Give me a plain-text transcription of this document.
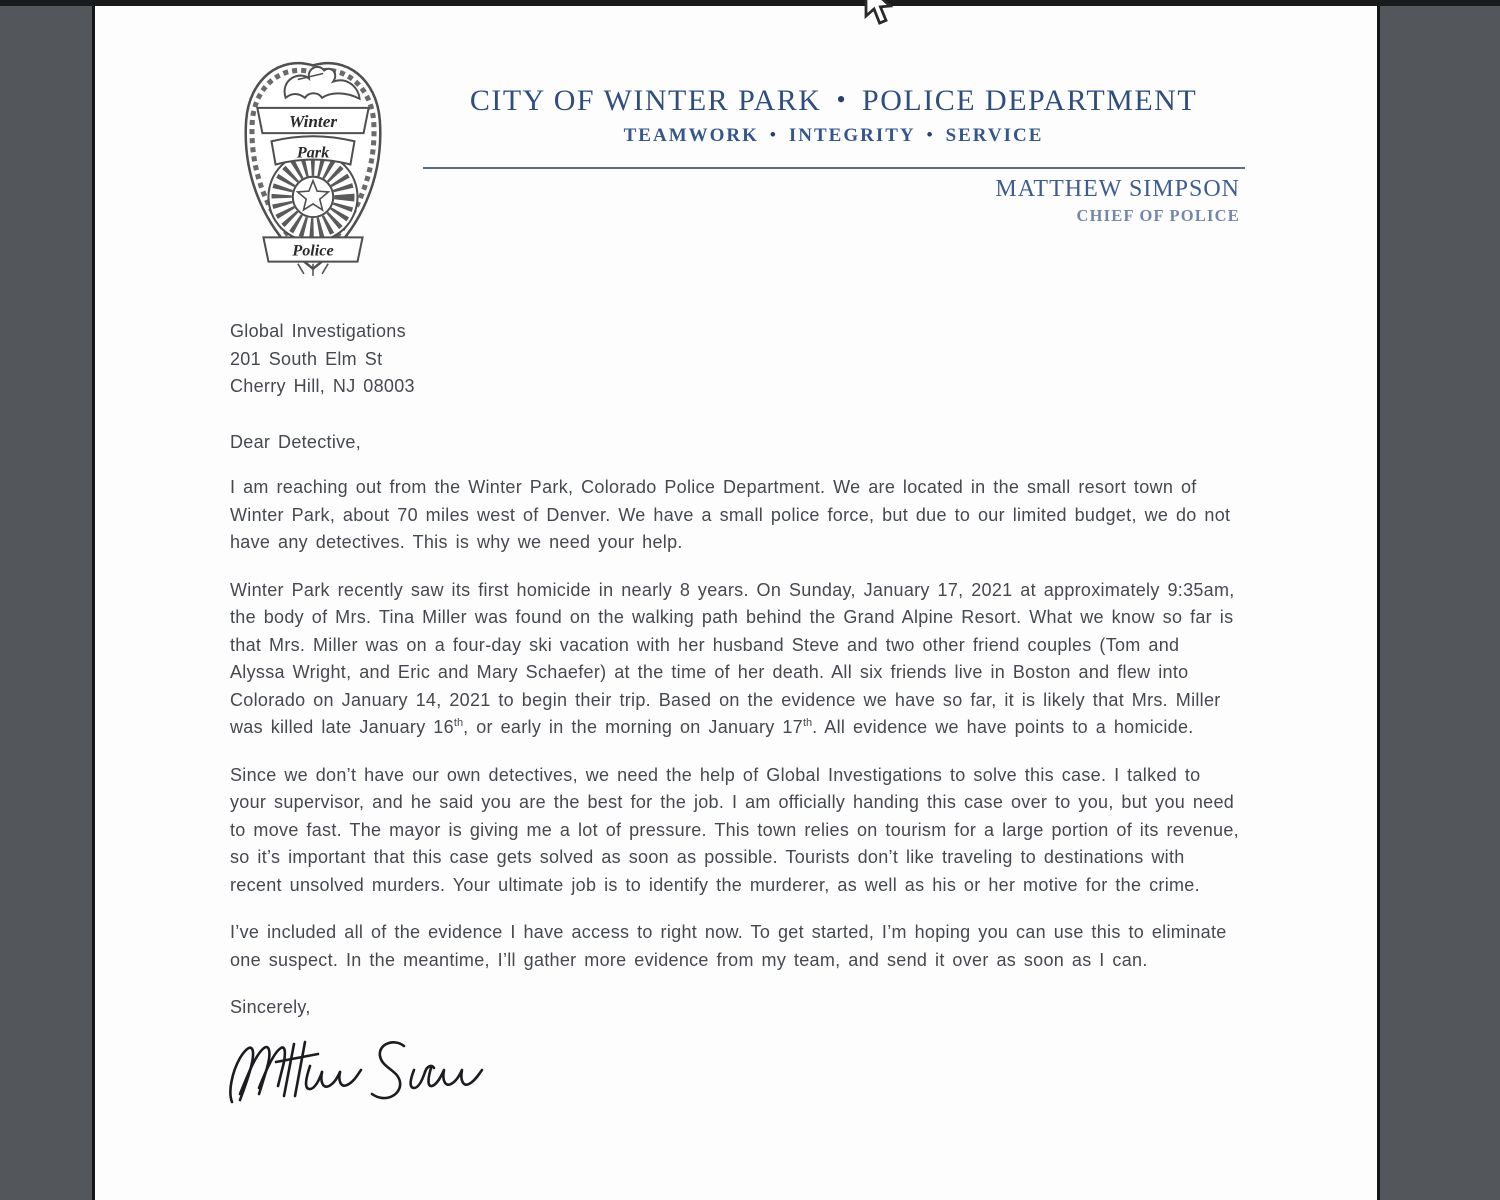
Winter
Park
Police
CITY OF WINTER PARK • POLICE DEPARTMENT
TEAMWORK • INTEGRITY • SERVICE
MATTHEW SIMPSON
CHIEF OF POLICE
Global Investigations
201 South Elm St
Cherry Hill, NJ 08003
Dear Detective,

I am reaching out from the Winter Park, Colorado Police Department. We are located in the small resort town of Winter Park, about 70 miles west of Denver. We have a small police force, but due to our limited budget, we do not have any detectives. This is why we need your help.

Winter Park recently saw its first homicide in nearly 8 years. On Sunday, January 17, 2021 at approximately 9:35am, the body of Mrs. Tina Miller was found on the walking path behind the Grand Alpine Resort. What we know so far is that Mrs. Miller was on a four-day ski vacation with her husband Steve and two other friend couples (Tom and Alyssa Wright, and Eric and Mary Schaefer) at the time of her death. All six friends live in Boston and flew into Colorado on January 14, 2021 to begin their trip. Based on the evidence we have so far, it is likely that Mrs. Miller was killed late January 16th, or early in the morning on January 17th. All evidence we have points to a homicide.

Since we don’t have our own detectives, we need the help of Global Investigations to solve this case. I talked to your supervisor, and he said you are the best for the job. I am officially handing this case over to you, but you need to move fast. The mayor is giving me a lot of pressure. This town relies on tourism for a large portion of its revenue, so it’s important that this case gets solved as soon as possible. Tourists don’t like traveling to destinations with recent unsolved murders. Your ultimate job is to identify the murderer, as well as his or her motive for the crime.

I’ve included all of the evidence I have access to right now. To get started, I’m hoping you can use this to eliminate one suspect. In the meantime, I’ll gather more evidence from my team, and send it over as soon as I can.

Sincerely,
